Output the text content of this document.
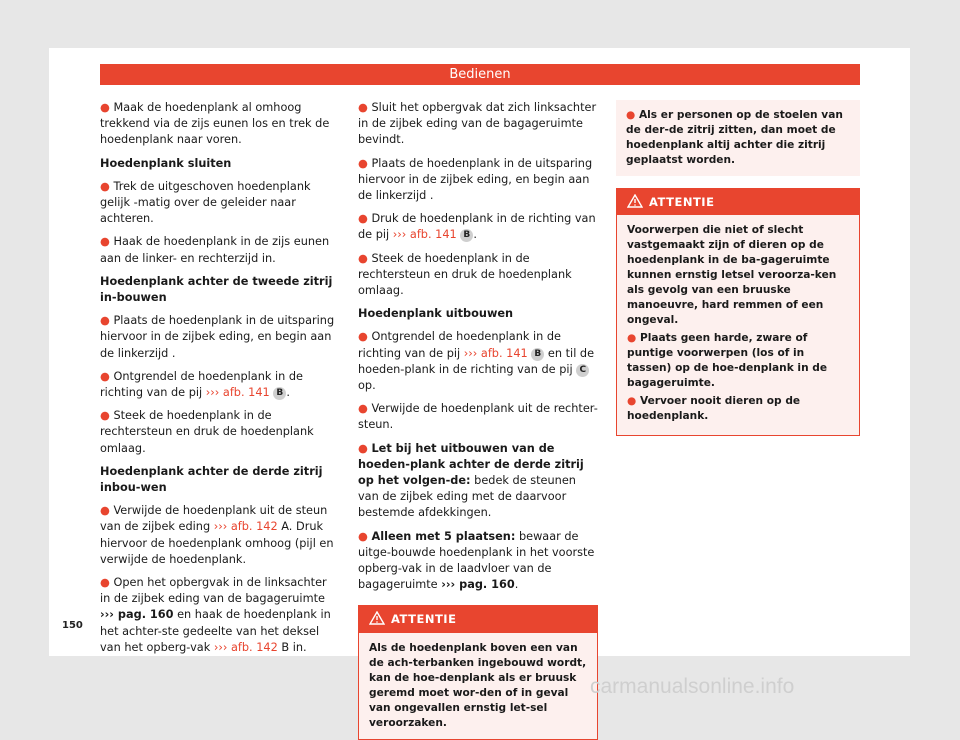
Bedienen

● Maak de hoedenplank al omhoog trekkend via de zijs eunen los en trek de hoedenplank naar voren.

Hoedenplank sluiten

● Trek de uitgeschoven hoedenplank gelijk -matig over de geleider naar achteren.

● Haak de hoedenplank in de zijs eunen aan de linker- en rechterzijd in.

Hoedenplank achter de tweede zitrij in-bouwen

● Plaats de hoedenplank in de uitsparing hiervoor in de zijbek eding, en begin aan de linkerzijd .

● Ontgrendel de hoedenplank in de richting van de pij ››› afb. 141 B .

● Steek de hoedenplank in de rechtersteun en druk de hoedenplank omlaag.

Hoedenplank achter de derde zitrij inbou-wen

● Verwijde de hoedenplank uit de steun van de zijbek eding ››› afb. 142 A. Druk hiervoor de hoedenplank omhoog (pijl en verwijde de hoedenplank.

● Open het opbergvak in de linksachter in de zijbek eding van de bagageruimte ››› pag. 160 en haak de hoedenplank in het achter-ste gedeelte van het deksel van het opberg-vak ››› afb. 142 B in.

● Sluit het opbergvak dat zich linksachter in de zijbek eding van de bagageruimte bevindt.

● Plaats de hoedenplank in de uitsparing hiervoor in de zijbek eding, en begin aan de linkerzijd .

● Druk de hoedenplank in de richting van de pij ››› afb. 141 B .

● Steek de hoedenplank in de rechtersteun en druk de hoedenplank omlaag.

Hoedenplank uitbouwen

● Ontgrendel de hoedenplank in de richting van de pij ››› afb. 141 B en til de hoeden-plank in de richting van de pij C op.

● Verwijde de hoedenplank uit de rechter-steun.

● Let bij het uitbouwen van de hoeden-plank achter de derde zitrij op het volgen-de: bedek de steunen van de zijbek eding met de daarvoor bestemde afdekkingen.

● Alleen met 5 plaatsen: bewaar de uitge-bouwde hoedenplank in het voorste opberg-vak in de laadvloer van de bagageruimte ››› pag. 160.

ATTENTIE
Als de hoedenplank boven een van de ach-terbanken ingebouwd wordt, kan de hoe-denplank als er bruusk geremd moet wor-den of in geval van ongevallen ernstig let-sel veroorzaken.
● Als er personen op de stoelen van de der-de zitrij zitten, dan moet de hoedenplank altij achter die zitrij geplaatst worden.
ATTENTIE

Voorwerpen die niet of slecht vastgemaakt zijn of dieren op de hoedenplank in de ba-gageruimte kunnen ernstig letsel veroorza-ken als gevolg van een bruuske manoeuvre, hard remmen of een ongeval.

● Plaats geen harde, zware of puntige voorwerpen (los of in tassen) op de hoe-denplank in de bagageruimte.

● Vervoer nooit dieren op de hoedenplank.

150
carmanualsonline.info
